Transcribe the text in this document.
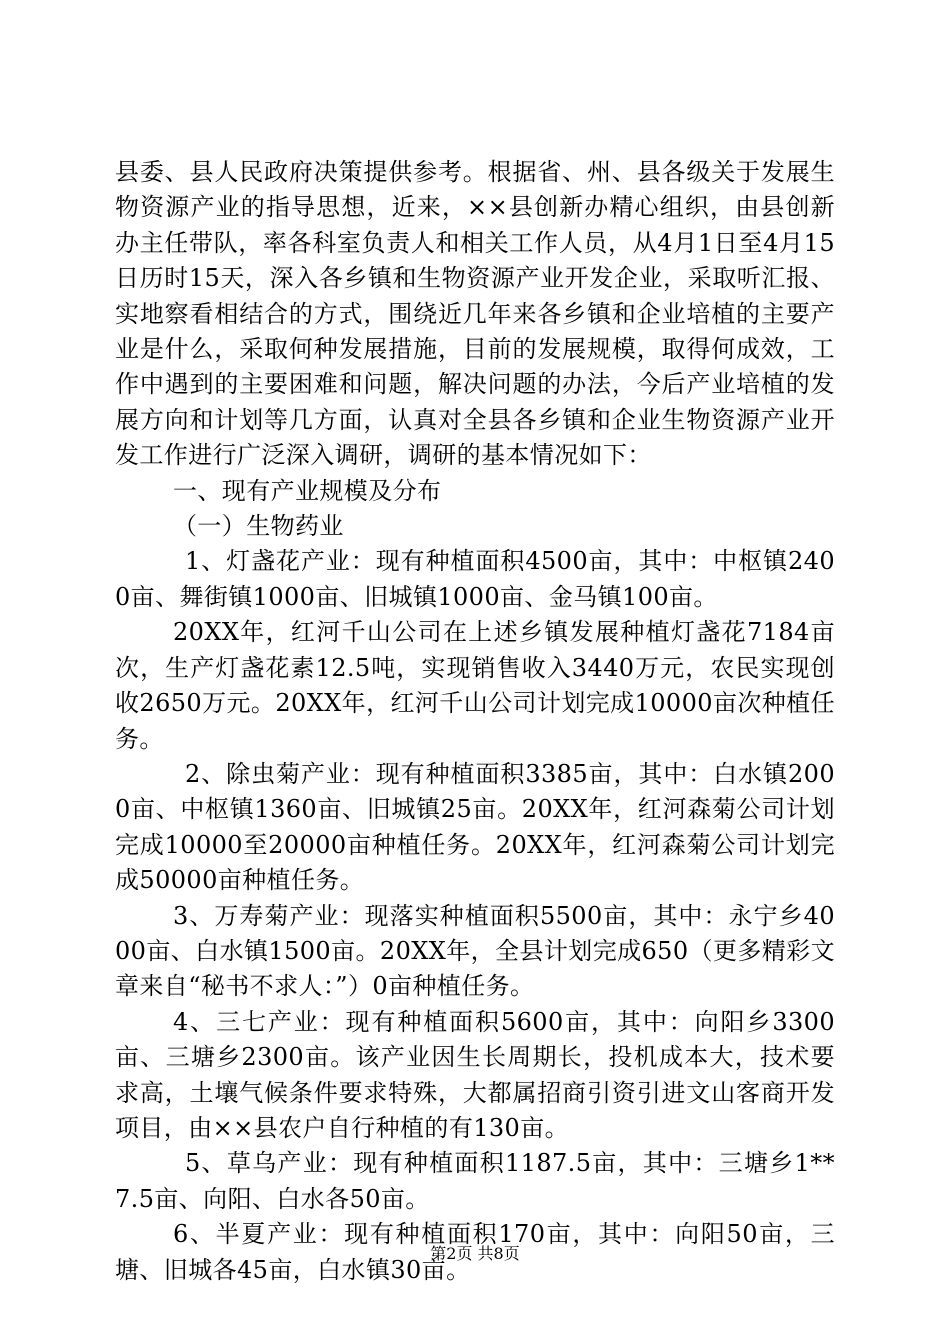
县委、县人民政府决策提供参考。根据省、州、县各级关于发展生物资源产业的指导思想，近来，××县创新办精心组织，由县创新办主任带队，率各科室负责人和相关工作人员，从4月1日至4月15日历时15天，深入各乡镇和生物资源产业开发企业，采取听汇报、实地察看相结合的方式，围绕近几年来各乡镇和企业培植的主要产业是什么，采取何种发展措施，目前的发展规模，取得何成效，工作中遇到的主要困难和问题，解决问题的办法，今后产业培植的发展方向和计划等几方面，认真对全县各乡镇和企业生物资源产业开发工作进行广泛深入调研，调研的基本情况如下：

一、现有产业规模及分布

（一）生物药业

1、灯盏花产业：现有种植面积4500亩，其中：中枢镇2400亩、舞街镇1000亩、旧城镇1000亩、金马镇100亩。

20XX年，红河千山公司在上述乡镇发展种植灯盏花7184亩次，生产灯盏花素12.5吨，实现销售收入3440万元，农民实现创收2650万元。20XX年，红河千山公司计划完成10000亩次种植任务。

2、除虫菊产业：现有种植面积3385亩，其中：白水镇2000亩、中枢镇1360亩、旧城镇25亩。20XX年，红河森菊公司计划完成10000至20000亩种植任务。20XX年，红河森菊公司计划完成50000亩种植任务。

3、万寿菊产业：现落实种植面积5500亩，其中：永宁乡4000亩、白水镇1500亩。20XX年，全县计划完成650（更多精彩文章来自“秘书不求人：”）0亩种植任务。

4、三七产业：现有种植面积5600亩，其中：向阳乡3300亩、三塘乡2300亩。该产业因生长周期长，投机成本大，技术要求高，土壤气候条件要求特殊，大都属招商引资引进文山客商开发项目，由××县农户自行种植的有130亩。

5、草乌产业：现有种植面积1187.5亩，其中：三塘乡1**7.5亩、向阳、白水各50亩。

6、半夏产业：现有种植面积170亩，其中：向阳50亩，三塘、旧城各45亩，白水镇30亩。

第2页 共8页
